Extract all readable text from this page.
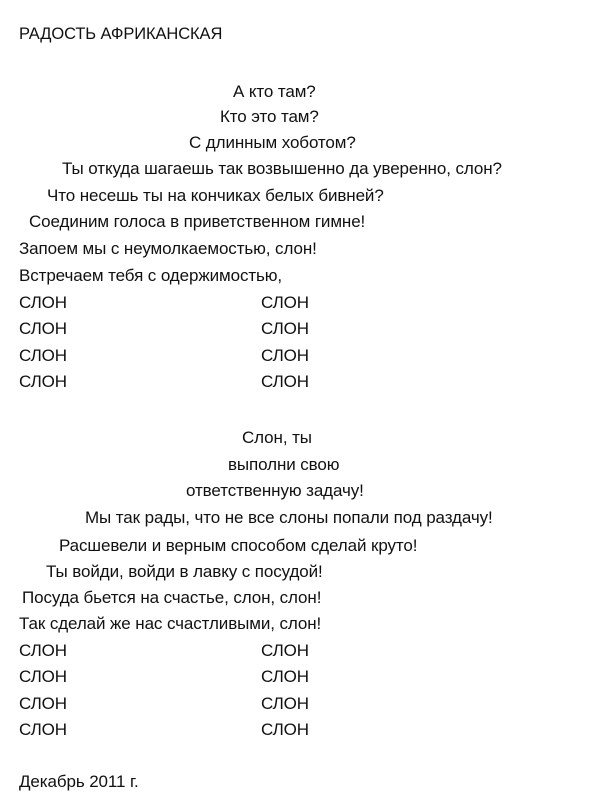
РАДОСТЬ АФРИКАНСКАЯ
А кто там?
Кто это там?
С длинным хоботом?
Ты откуда шагаешь так возвышенно да уверенно, слон?
Что несешь ты на кончиках белых бивней?
Соединим голоса в приветственном гимне!
Запоем мы с неумолкаемостью, слон!
Встречаем тебя с одержимостью,
СЛОН
СЛОН
СЛОН
СЛОН
СЛОН
СЛОН
СЛОН
СЛОН
Слон, ты
выполни свою
ответственную задачу!
Мы так рады, что не все слоны попали под раздачу!
Расшевели и верным способом сделай круто!
Ты войди, войди в лавку с посудой!
Посуда бьется на счастье, слон, слон!
Так сделай же нас счастливыми, слон!
СЛОН
СЛОН
СЛОН
СЛОН
СЛОН
СЛОН
СЛОН
СЛОН
Декабрь 2011 г.
